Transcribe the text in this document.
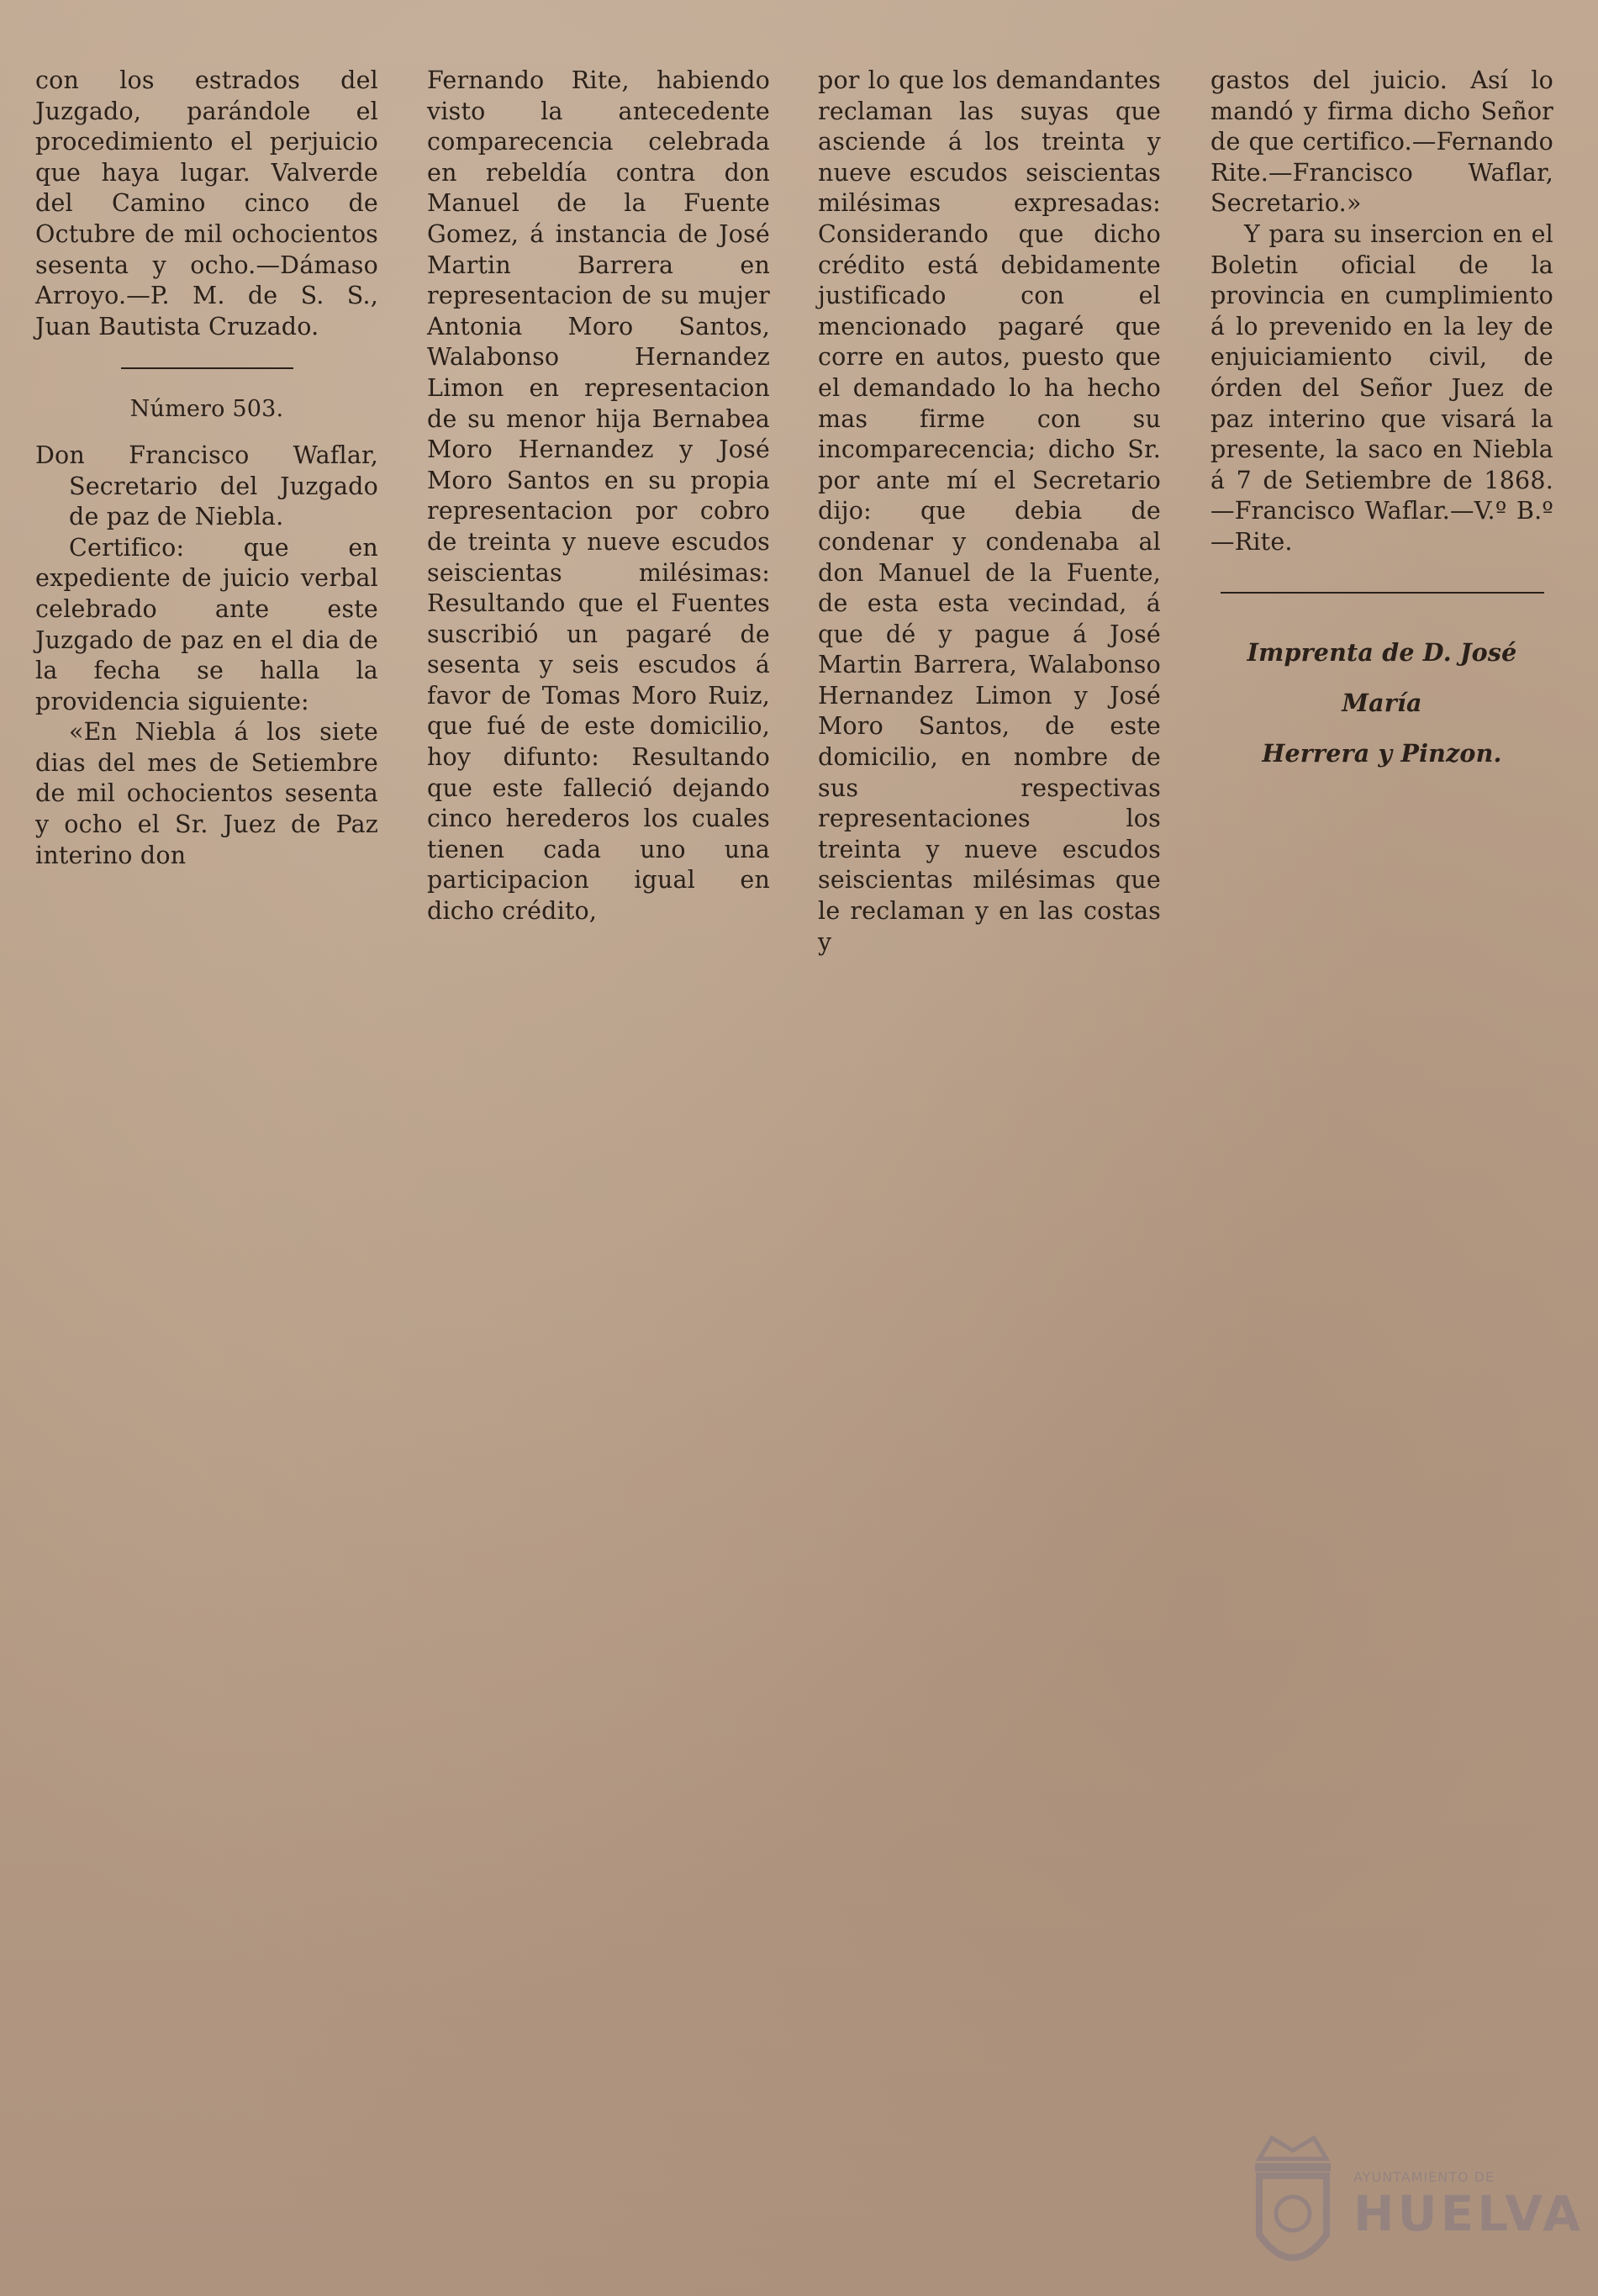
con los estrados del Juzgado, parándole el procedimiento el perjuicio que haya lugar. Valverde del Camino cinco de Octubre de mil ochocientos sesenta y ocho.—Dámaso Arroyo.—P. M. de S. S., Juan Bautista Cruzado.

Número 503.

Don Francisco Waflar, Secretario del Juzgado de paz de Niebla.

Certifico: que en expediente de juicio verbal celebrado ante este Juzgado de paz en el dia de la fecha se halla la providencia siguiente:

«En Niebla á los siete dias del mes de Setiembre de mil ochocientos sesenta y ocho el Sr. Juez de Paz interino don

Fernando Rite, habiendo visto la antecedente comparecencia celebrada en rebeldía contra don Manuel de la Fuente Gomez, á instancia de José Martin Barrera en representacion de su mujer Antonia Moro Santos, Walabonso Hernandez Limon en representacion de su menor hija Bernabea Moro Hernandez y José Moro Santos en su propia representacion por cobro de treinta y nueve escudos seiscientas milésimas: Resultando que el Fuentes suscribió un pagaré de sesenta y seis escudos á favor de Tomas Moro Ruiz, que fué de este domicilio, hoy difunto: Resultando que este falleció dejando cinco herederos los cuales tienen cada uno una participacion igual en dicho crédito,

por lo que los demandantes reclaman las suyas que asciende á los treinta y nueve escudos seiscientas milésimas expresadas: Considerando que dicho crédito está debidamente justificado con el mencionado pagaré que corre en autos, puesto que el demandado lo ha hecho mas firme con su incomparecencia; dicho Sr. por ante mí el Secretario dijo: que debia de condenar y condenaba al don Manuel de la Fuente, de esta esta vecindad, á que dé y pague á José Martin Barrera, Walabonso Hernandez Limon y José Moro Santos, de este domicilio, en nombre de sus respectivas representaciones los treinta y nueve escudos seiscientas milésimas que le reclaman y en las costas y

gastos del juicio. Así lo mandó y firma dicho Señor de que certifico.—Fernando Rite.—Francisco Waflar, Secretario.»

Y para su insercion en el Boletin oficial de la provincia en cumplimiento á lo prevenido en la ley de enjuiciamiento civil, de órden del Señor Juez de paz interino que visará la presente, la saco en Niebla á 7 de Setiembre de 1868.—Francisco Waflar.—V.º B.º—Rite.

Imprenta de D. José María
Herrera y Pinzon.
AYUNTAMIENTO DE
HUELVA
